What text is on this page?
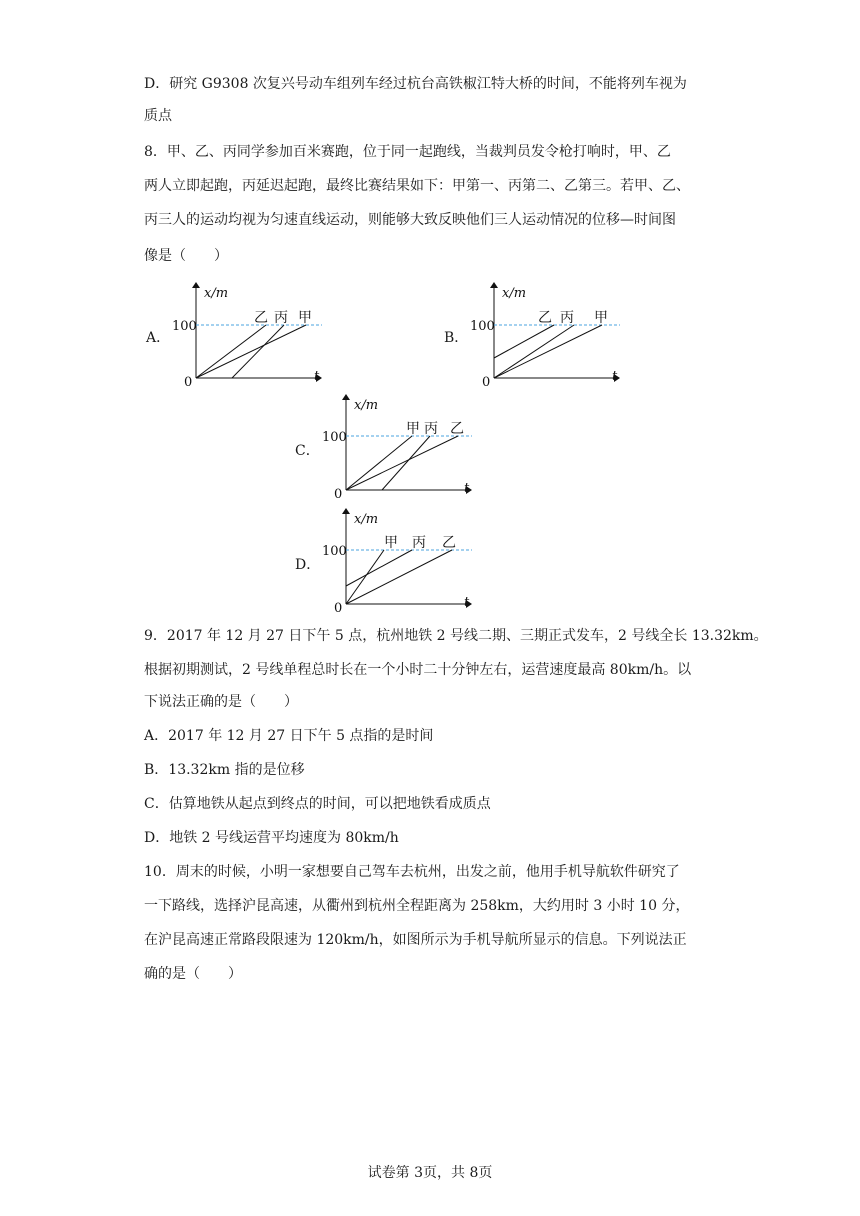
D．研究 G9308 次复兴号动车组列车经过杭台高铁椒江特大桥的时间，不能将列车视为
质点
8．甲、乙、丙同学参加百米赛跑，位于同一起跑线，当裁判员发令枪打响时，甲、乙
两人立即起跑，丙延迟起跑，最终比赛结果如下：甲第一、丙第二、乙第三。若甲、乙、
丙三人的运动均视为匀速直线运动，则能够大致反映他们三人运动情况的位移—时间图
像是（　　）
A．
x/m
100
0	t
乙 丙 甲
B．
x/m
100
0	t
乙 丙 甲
C．
x/m
100
0	t
甲 丙 乙
D．
x/m
100
0	t
甲 丙 乙
9．2017 年 12 月 27 日下午 5 点，杭州地铁 2 号线二期、三期正式发车，2 号线全长 13.32km。
根据初期测试，2 号线单程总时长在一个小时二十分钟左右，运营速度最高 80km/h。以
下说法正确的是（　　）
A．2017 年 12 月 27 日下午 5 点指的是时间
B．13.32km 指的是位移
C．估算地铁从起点到终点的时间，可以把地铁看成质点
D．地铁 2 号线运营平均速度为 80km/h
10．周末的时候，小明一家想要自己驾车去杭州，出发之前，他用手机导航软件研究了
一下路线，选择沪昆高速，从衢州到杭州全程距离为 258km，大约用时 3 小时 10 分，
在沪昆高速正常路段限速为 120km/h，如图所示为手机导航所显示的信息。下列说法正
确的是（　　）
试卷第 3页，共 8页
